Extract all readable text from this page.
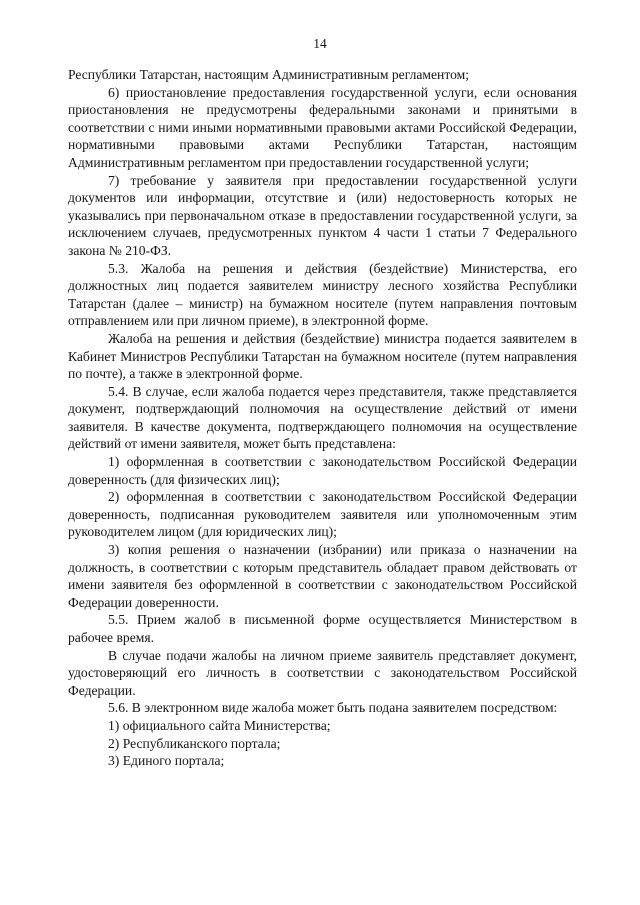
14

Республики Татарстан, настоящим Административным регламентом;

6) приостановление предоставления государственной услуги, если основания приостановления не предусмотрены федеральными законами и принятыми в соответствии с ними иными нормативными правовыми актами Российской Федерации, нормативными правовыми актами Республики Татарстан, настоящим Административным регламентом при предоставлении государственной услуги;

7) требование у заявителя при предоставлении государственной услуги документов или информации, отсутствие и (или) недостоверность которых не указывались при первоначальном отказе в предоставлении государственной услуги, за исключением случаев, предусмотренных пунктом 4 части 1 статьи 7 Федерального закона № 210-ФЗ.

5.3. Жалоба на решения и действия (бездействие) Министерства, его должностных лиц подается заявителем министру лесного хозяйства Республики Татарстан (далее – министр) на бумажном носителе (путем направления почтовым отправлением или при личном приеме), в электронной форме.

Жалоба на решения и действия (бездействие) министра подается заявителем в Кабинет Министров Республики Татарстан на бумажном носителе (путем направления по почте), а также в электронной форме.

5.4. В случае, если жалоба подается через представителя, также представляется документ, подтверждающий полномочия на осуществление действий от имени заявителя. В качестве документа, подтверждающего полномочия на осуществление действий от имени заявителя, может быть представлена:

1) оформленная в соответствии с законодательством Российской Федерации доверенность (для физических лиц);

2) оформленная в соответствии с законодательством Российской Федерации доверенность, подписанная руководителем заявителя или уполномоченным этим руководителем лицом (для юридических лиц);

3) копия решения о назначении (избрании) или приказа о назначении на должность, в соответствии с которым представитель обладает правом действовать от имени заявителя без оформленной в соответствии с законодательством Российской Федерации доверенности.

5.5. Прием жалоб в письменной форме осуществляется Министерством в рабочее время.

В случае подачи жалобы на личном приеме заявитель представляет документ, удостоверяющий его личность в соответствии с законодательством Российской Федерации.

5.6. В электронном виде жалоба может быть подана заявителем посредством:

1) официального сайта Министерства;

2) Республиканского портала;

3) Единого портала;
